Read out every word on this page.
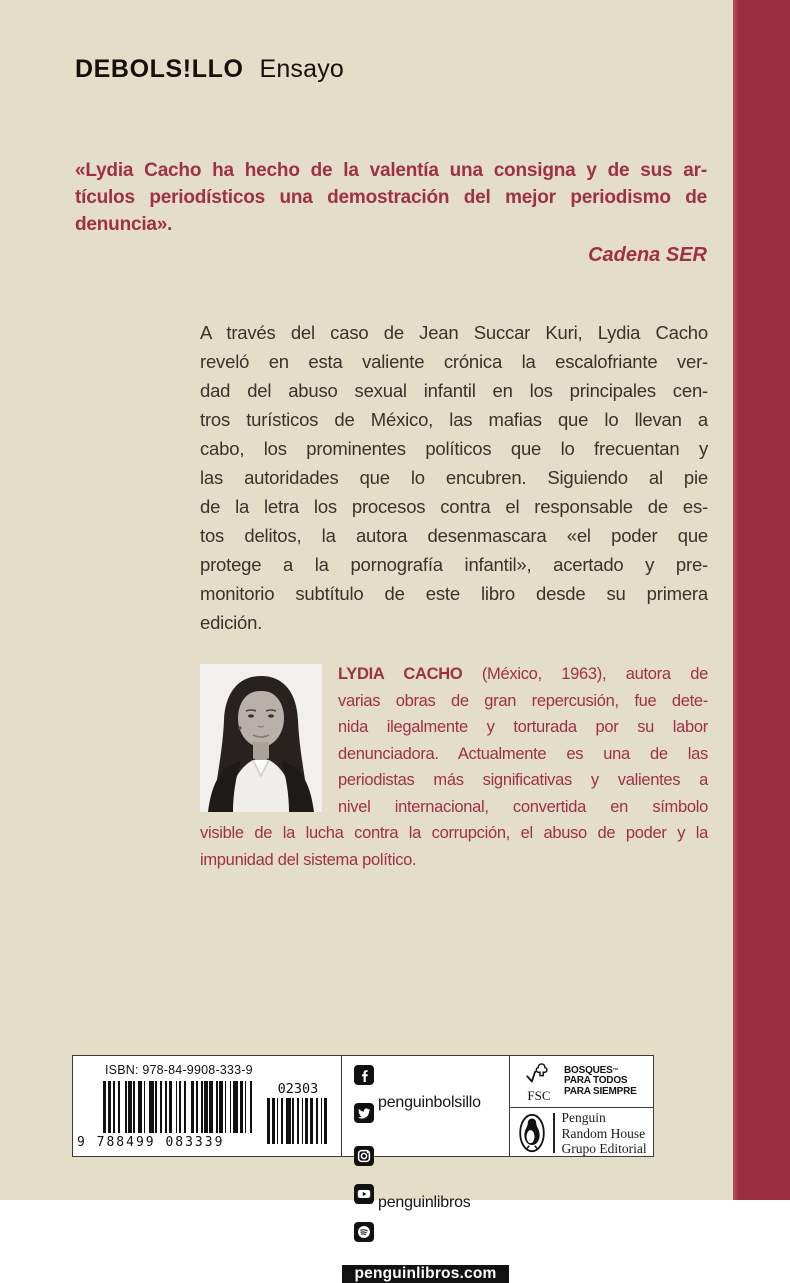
DEBOLS!LLO Ensayo
«Lydia Cacho ha hecho de la valentía una consigna y de sus ar-
tículos periodísticos una demostración del mejor periodismo de
denuncia».
Cadena SER
A través del caso de Jean Succar Kuri, Lydia Cacho
reveló en esta valiente crónica la escalofriante ver-
dad del abuso sexual infantil en los principales cen-
tros turísticos de México, las mafias que lo llevan a
cabo, los prominentes políticos que lo frecuentan y
las autoridades que lo encubren. Siguiendo al pie
de la letra los procesos contra el responsable de es-
tos delitos, la autora desenmascara «el poder que
protege a la pornografía infantil», acertado y pre-
monitorio subtítulo de este libro desde su primera
edición.
LYDIA CACHO (México, 1963), autora de
varias obras de gran repercusión, fue dete-
nida ilegalmente y torturada por su labor
denunciadora. Actualmente es una de las
periodistas más significativas y valientes a
nivel internacional, convertida en símbolo
visible de la lucha contra la corrupción, el abuso de poder y la
impunidad del sistema político.
ISBN: 978-84-9908-333-9
9 788499 083339
02303
penguinbolsillo
penguinlibros
penguinlibros.com
FSC
BOSQUES™
PARA TODOS
PARA SIEMPRE
Penguin
Random House
Grupo Editorial
